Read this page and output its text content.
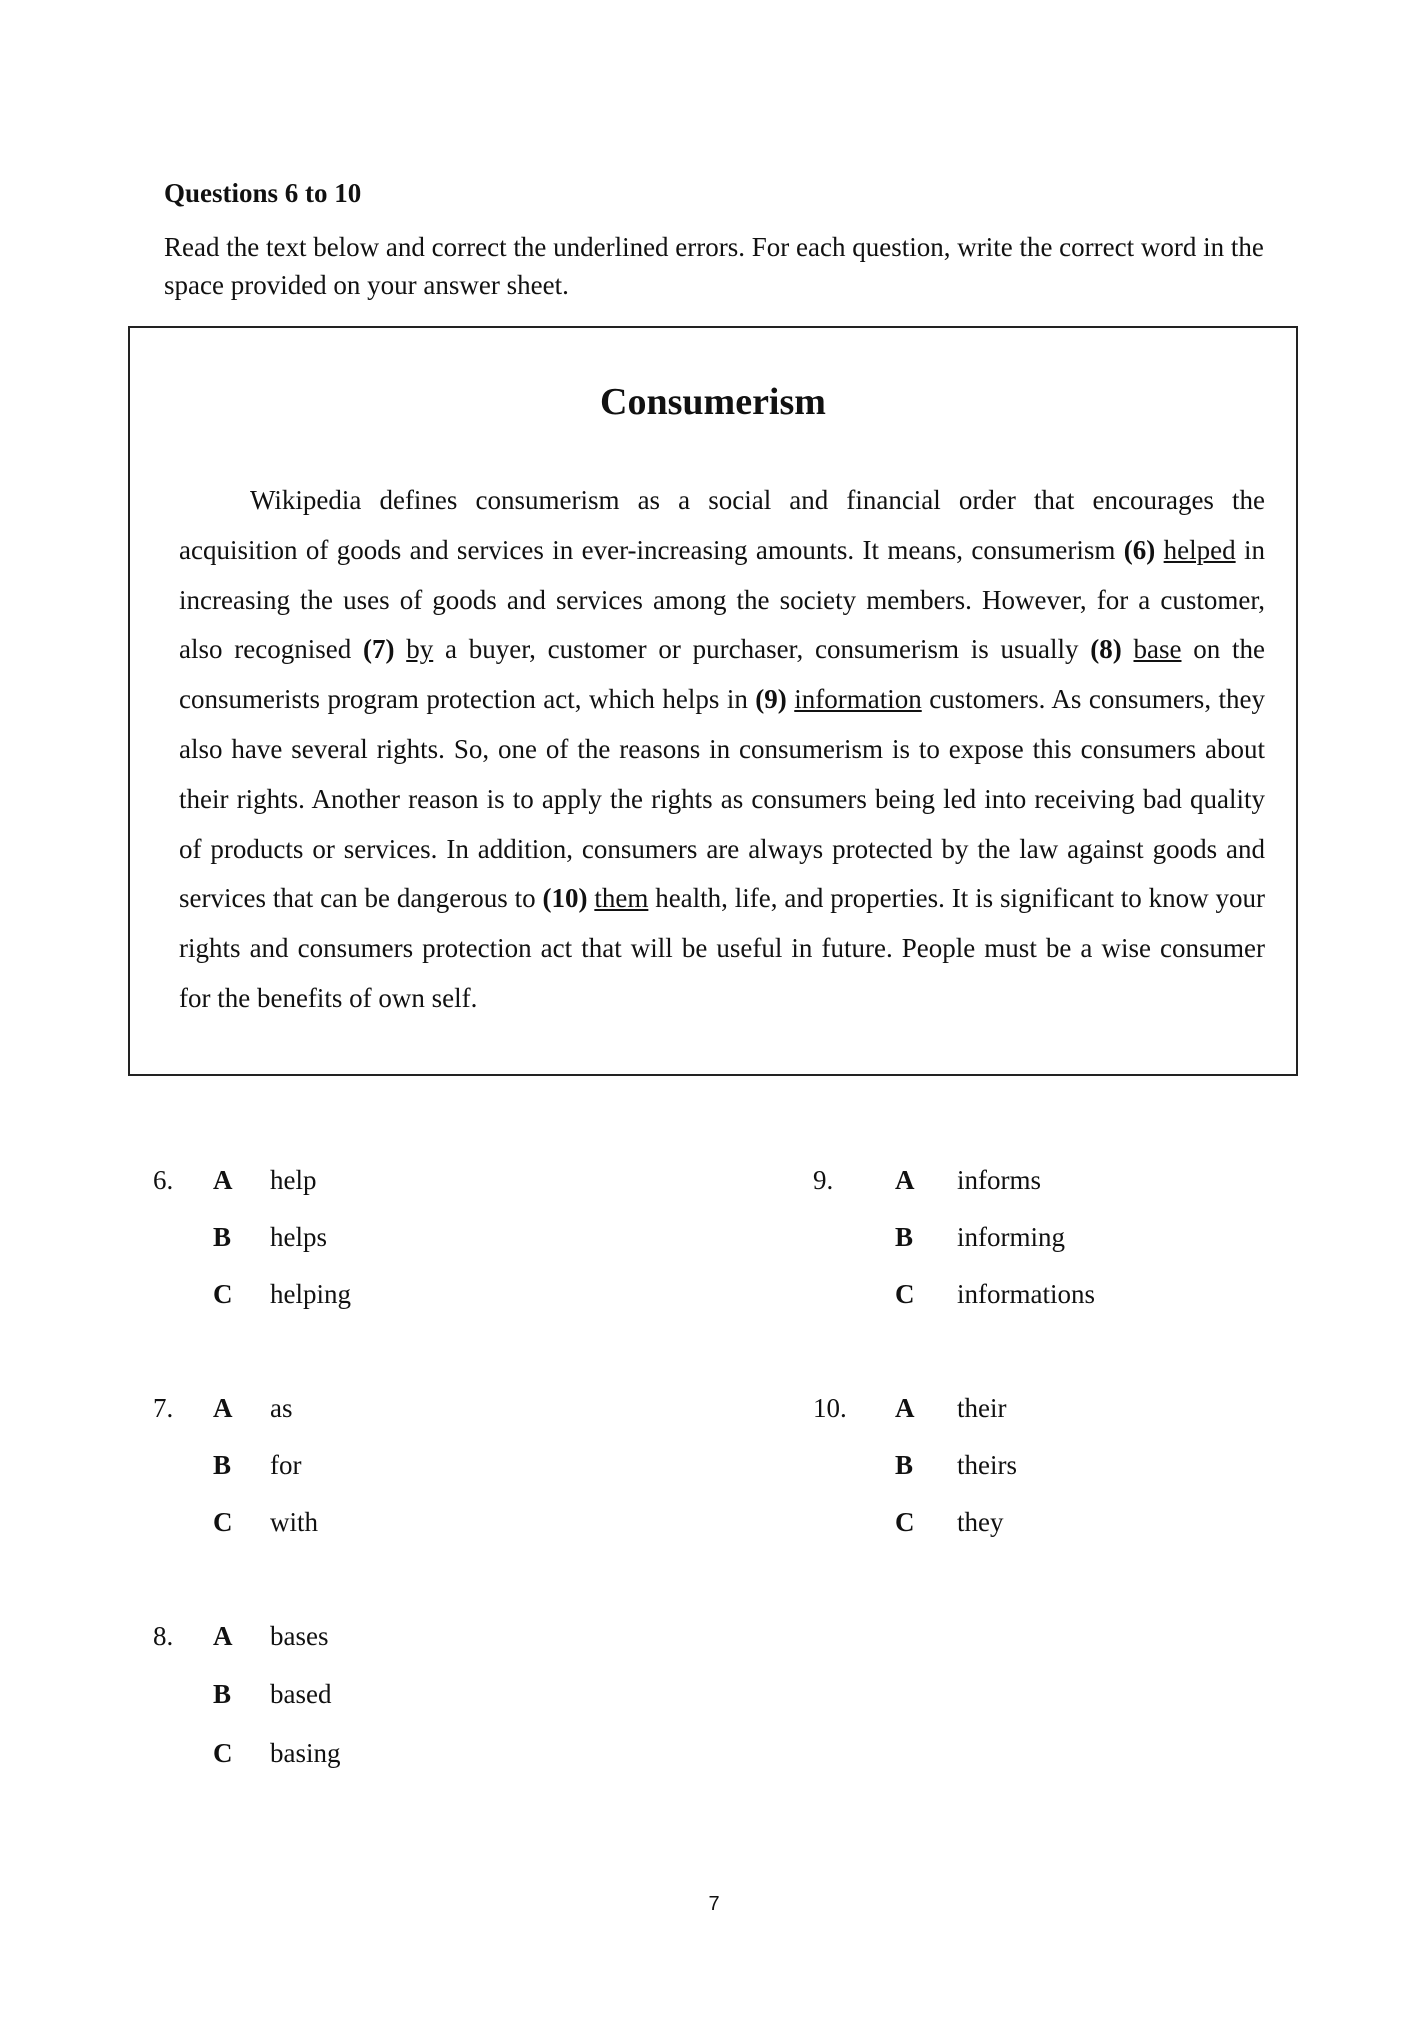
Questions 6 to 10
Read the text below and correct the underlined errors. For each question, write the correct word in the space provided on your answer sheet.
Consumerism
Wikipedia defines consumerism as a social and financial order that encourages the acquisition of goods and services in ever-increasing amounts. It means, consumerism (6) helped in increasing the uses of goods and services among the society members. However, for a customer, also recognised (7) by a buyer, customer or purchaser, consumerism is usually (8) base on the consumerists program protection act, which helps in (9) information customers. As consumers, they also have several rights. So, one of the reasons in consumerism is to expose this consumers about their rights. Another reason is to apply the rights as consumers being led into receiving bad quality of products or services. In addition, consumers are always protected by the law against goods and services that can be dangerous to (10) them health, life, and properties. It is significant to know your rights and consumers protection act that will be useful in future. People must be a wise consumer for the benefits of own self.
6. A help
B helps
C helping
7. A as
B for
C with
8. A bases
B based
C basing
9. A informs
B informing
C informations
10. A their
B theirs
C they
7
